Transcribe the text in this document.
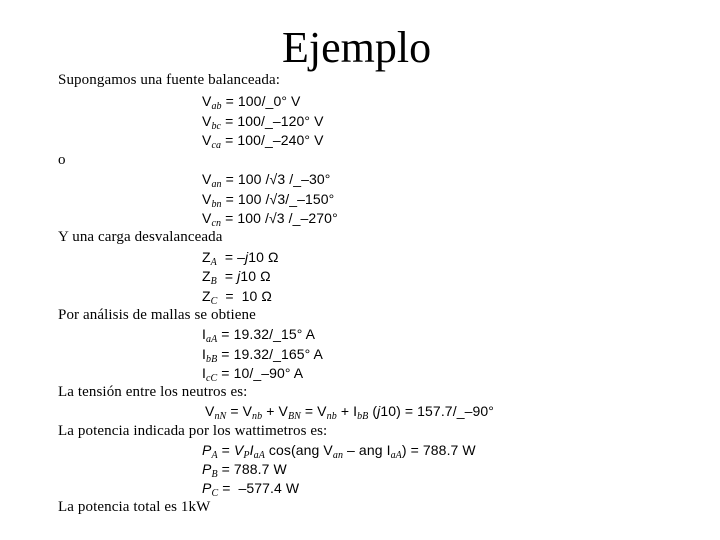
Ejemplo
Supongamos una fuente balanceada:
$V_{ab}$ = 100/_0° V
$V_{bc}$ = 100/_–120° V
$V_{ca}$ = 100/_–240° V
o
$V_{an} = 100$ /√3 /_–30°
$V_{bn} = 100$ /√3/_–150°
$V_{cn} = 100$ /√3 /_–270°
Y una carga desvalanceada
$Z_A = -j10$ Ω
$Z_B = j10$ Ω
$Z_C = 10$ Ω
Por análisis de mallas se obtiene
$I_{aA}$ = 19.32/_15° A
$I_{bB}$ = 19.32/_165° A
$I_{cC}$ = 10/_–90° A
La tensión entre los neutros es:
$V_{nN} = V_{nb} + V_{BN} = V_{nb} + I_{bB}$ (j10) = 157.7/_–90°
La potencia indicada por los wattimetros es:
$P_A = V_PI_{aA}$ cos(ang $V_{an}$ – ang $I_{aA}) = 788.7$ W
$P_B = 788.7$ W
$P_C = -577.4$ W
La potencia total es 1kW
